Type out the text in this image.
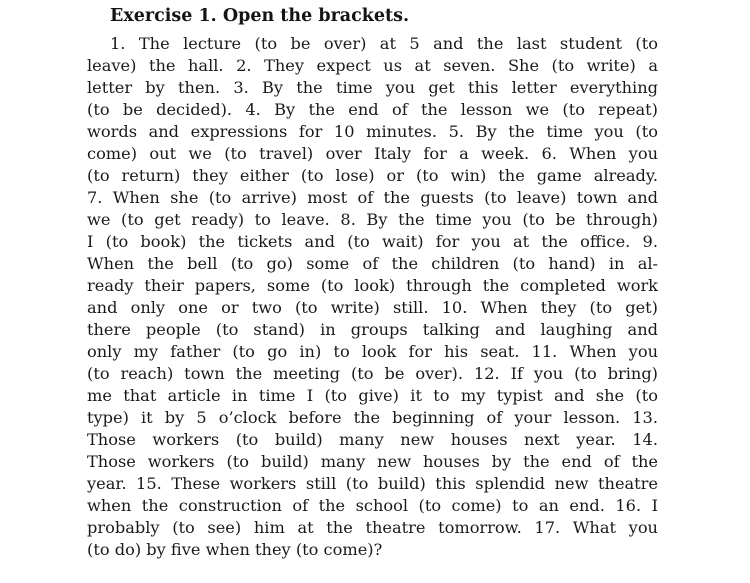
Exercise 1. Open the brackets.
1. The lecture (to be over) at 5 and the last student (to
leave) the hall. 2. They expect us at seven. She (to write) a
letter by then. 3. By the time you get this letter everything
(to be decided). 4. By the end of the lesson we (to repeat)
words and expressions for 10 minutes. 5. By the time you (to
come) out we (to travel) over Italy for a week. 6. When you
(to return) they either (to lose) or (to win) the game already.
7. When she (to arrive) most of the guests (to leave) town and
we (to get ready) to leave. 8. By the time you (to be through)
I (to book) the tickets and (to wait) for you at the office. 9.
When the bell (to go) some of the children (to hand) in al-
ready their papers, some (to look) through the completed work
and only one or two (to write) still. 10. When they (to get)
there people (to stand) in groups talking and laughing and
only my father (to go in) to look for his seat. 11. When you
(to reach) town the meeting (to be over). 12. If you (to bring)
me that article in time I (to give) it to my typist and she (to
type) it by 5 o’clock before the beginning of your lesson. 13.
Those workers (to build) many new houses next year. 14.
Those workers (to build) many new houses by the end of the
year. 15. These workers still (to build) this splendid new theatre
when the construction of the school (to come) to an end. 16. I
probably (to see) him at the theatre tomorrow. 17. What you
(to do) by five when they (to come)?
